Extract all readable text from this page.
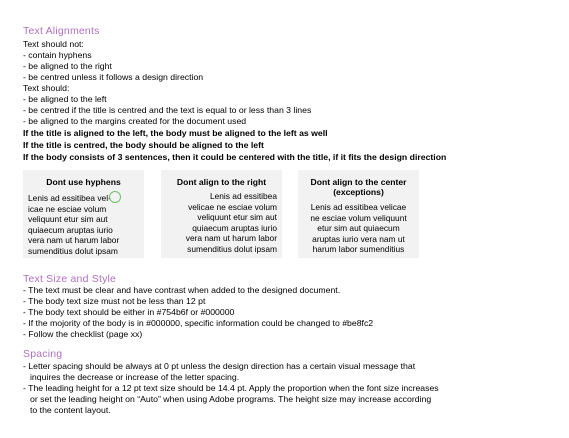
Text Alignments
Text should not:
- contain hyphens
- be aligned to the right
- be centred unless it follows a design direction
Text should:
- be aligned to the left
- be centred if the title is centred and the text is equal to or less than 3 lines
- be aligned to the margins created for the document used
If the title is aligned to the left, the body must be aligned to the left as well
If the title is centred, the body should be aligned to the left
If the body consists of 3 sentences, then it could be centered with the title, if it fits the design direction
Dont use hyphens
Lenis ad essitibea vel-
icae ne esciae volum
veliquunt etur sim aut
quiaecum aruptas iurio
vera nam ut harum labor
sumenditius dolut ipsam
Dont align to the right
Lenis ad essitibea
velicae ne esciae volum
veliquunt etur sim aut
quiaecum aruptas iurio
vera nam ut harum labor
sumenditius dolut ipsam
Dont align to the center
(exceptions)
Lenis ad essitibea velicae
ne esciae volum veliquunt
etur sim aut quiaecum
aruptas iurio vera nam ut
harum labor sumenditius
Text Size and Style
- The text must be clear and have contrast when added to the designed document.
- The body text size must not be less than 12 pt
- The body text should be either in #754b6f or #000000
- If the mojority of the body is in #000000, specific information could be changed to #be8fc2
- Follow the checklist (page xx)
Spacing
- Letter spacing should be always at 0 pt unless the design direction has a certain visual message that
inquires the decrease or increase of the letter spacing.
- The leading height for a 12 pt text size should be 14.4 pt. Apply the proportion when the font size increases
or set the leading height on “Auto” when using Adobe programs. The height size may increase according
to the content layout.
